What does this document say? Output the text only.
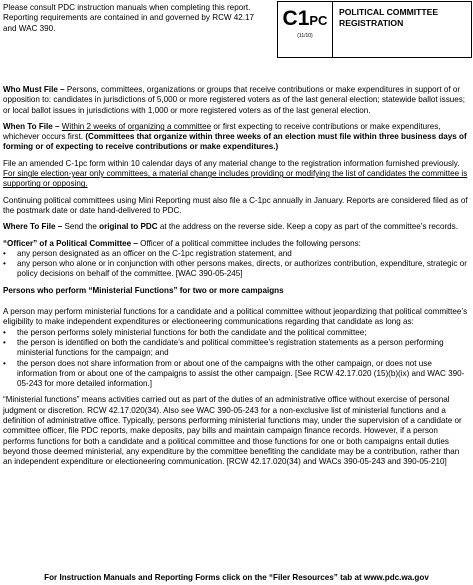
Please consult PDC instruction manuals when completing this report. Reporting requirements are contained in and governed by RCW 42.17 and WAC 390.	C1PC
(11/10)
POLITICAL COMMITTEE REGISTRATION

Who Must File – Persons, committees, organizations or groups that receive contributions or make expenditures in support of or opposition to: candidates in jurisdictions of 5,000 or more registered voters as of the last general election; statewide ballot issues; or local ballot issues in jurisdictions with 1,000 or more registered voters as of the last general election.

When To File – Within 2 weeks of organizing a committee or first expecting to receive contributions or make expenditures, whichever occurs first. (Committees that organize within three weeks of an election must file within three business days of forming or of expecting to receive contributions or make expenditures.)

File an amended C-1pc form within 10 calendar days of any material change to the registration information furnished previously. For single election-year only committees, a material change includes providing or modifying the list of candidates the committee is supporting or opposing.

Continuing political committees using Mini Reporting must also file a C-1pc annually in January. Reports are considered filed as of the postmark date or date hand-delivered to PDC.

Where To File – Send the original to PDC at the address on the reverse side. Keep a copy as part of the committee’s records.

“Officer” of a Political Committee – Officer of a political committee includes the following persons:

• any person designated as an officer on the C-1pc registration statement, and
• any person who alone or in conjunction with other persons makes, directs, or authorizes contribution, expenditure, strategic or policy decisions on behalf of the committee. [WAC 390-05-245]
Persons who perform “Ministerial Functions” for two or more campaigns

A person may perform ministerial functions for a candidate and a political committee without jeopardizing that political committee’s eligibility to make independent expenditures or electioneering communications regarding that candidate as long as:

• the person performs solely ministerial functions for both the candidate and the political committee;
• the person is identified on both the candidate’s and political committee’s registration statements as a person performing ministerial functions for the campaign; and
• the person does not share information from or about one of the campaigns with the other campaign, or does not use information from or about one of the campaigns to assist the other campaign. [See RCW 42.17.020 (15)(b)(ix) and WAC 390-05-243 for more detailed information.]

“Ministerial functions” means activities carried out as part of the duties of an administrative office without exercise of personal judgment or discretion. RCW 42.17.020(34). Also see WAC 390-05-243 for a non-exclusive list of ministerial functions and a definition of administrative office. Typically, persons performing ministerial functions may, under the supervision of a candidate or committee officer, file PDC reports, make deposits, pay bills and maintain campaign finance records. However, if a person performs functions for both a candidate and a political committee and those functions for one or both campaigns entail duties beyond those deemed ministerial, any expenditure by the committee benefiting the candidate may be a contribution, rather than an independent expenditure or electioneering communication. [RCW 42.17.020(34) and WACs 390-05-243 and 390-05-210]

For Instruction Manuals and Reporting Forms click on the “Filer Resources” tab at www.pdc.wa.gov
